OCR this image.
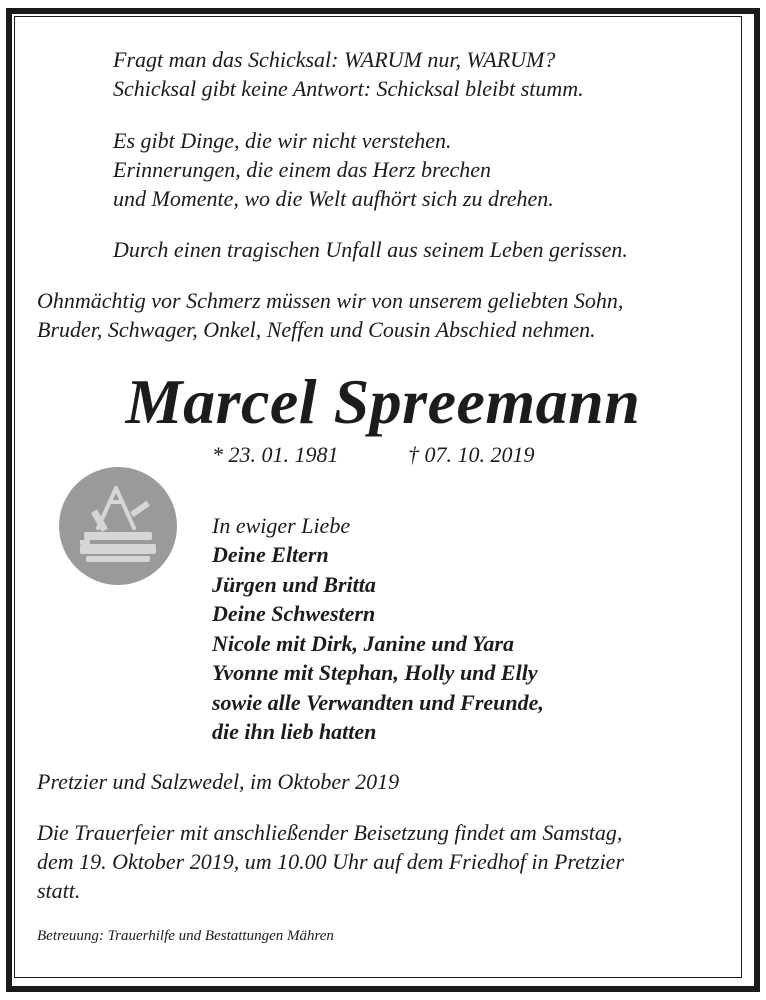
Fragt man das Schicksal: WARUM nur, WARUM?

Schicksal gibt keine Antwort: Schicksal bleibt stumm.

Es gibt Dinge, die wir nicht verstehen.

Erinnerungen, die einem das Herz brechen

und Momente, wo die Welt aufhört sich zu drehen.

Durch einen tragischen Unfall aus seinem Leben gerissen.

Ohnmächtig vor Schmerz müssen wir von unserem geliebten Sohn,

Bruder, Schwager, Onkel, Neffen und Cousin Abschied nehmen.

Marcel Spreemann

* 23. 01. 1981	† 07. 10. 2019

In ewiger Liebe

Deine Eltern

Jürgen und Britta

Deine Schwestern

Nicole mit Dirk, Janine und Yara

Yvonne mit Stephan, Holly und Elly

sowie alle Verwandten und Freunde,

die ihn lieb hatten

Pretzier und Salzwedel, im Oktober 2019

Die Trauerfeier mit anschließender Beisetzung findet am Samstag,

dem 19. Oktober 2019, um 10.00 Uhr auf dem Friedhof in Pretzier

statt.

Betreuung: Trauerhilfe und Bestattungen Mähren
